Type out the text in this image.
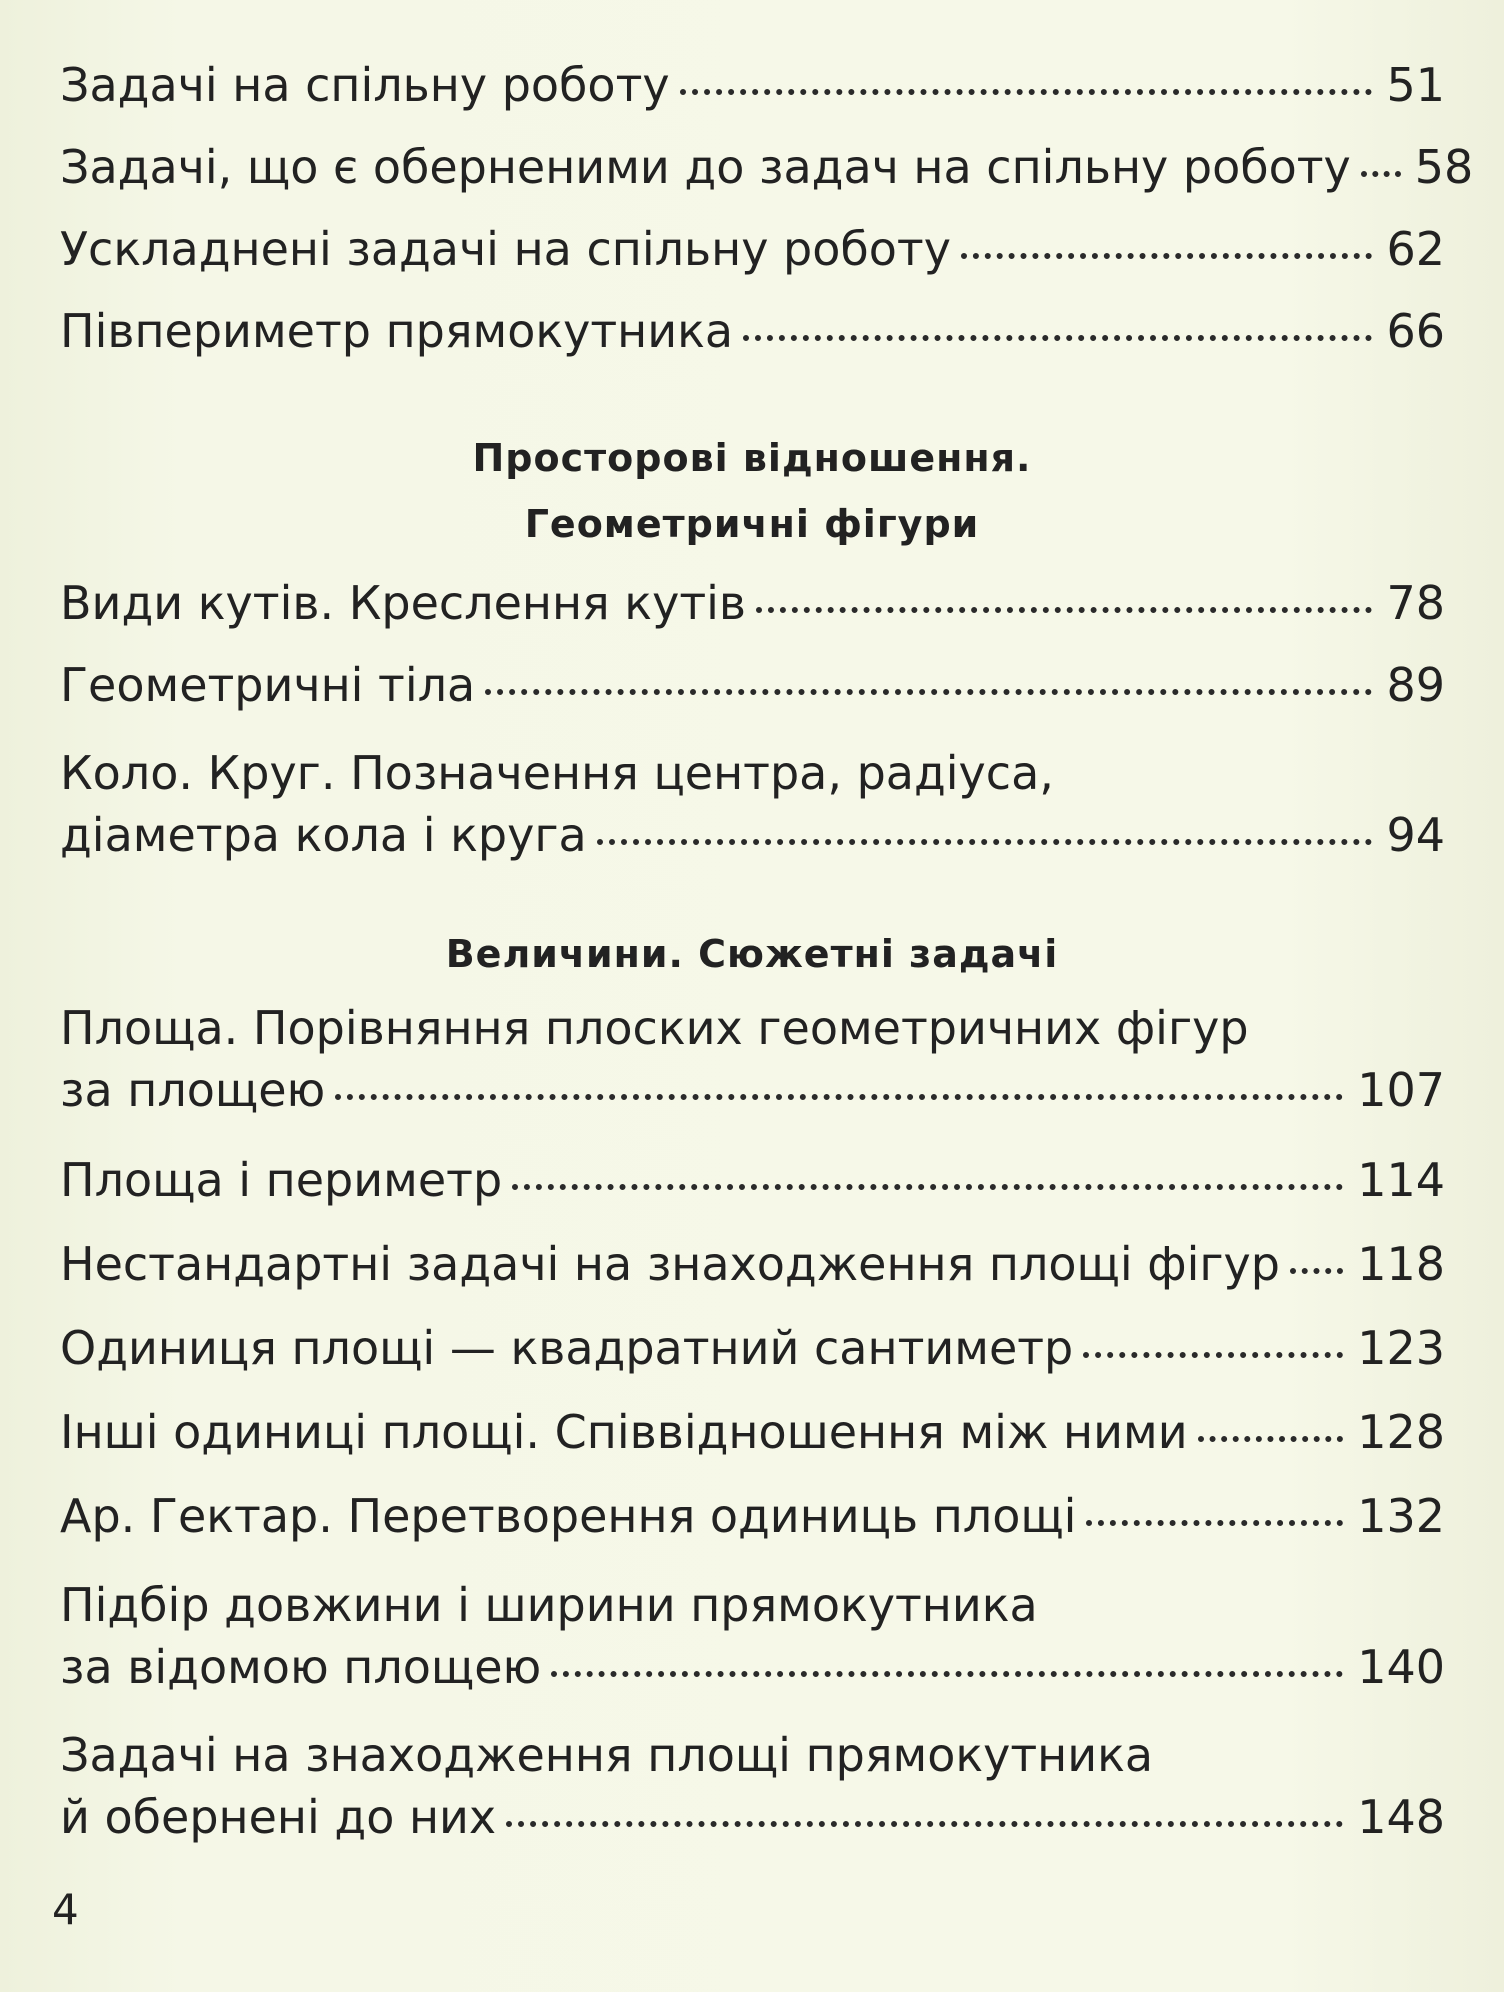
Задачі на спільну роботу	51
Задачі, що є оберненими до задач на спільну роботу 58
Ускладнені задачі на спільну роботу	62
Півпериметр прямокутника	66
Просторові відношення.
Геометричні фігури
Види кутів. Креслення кутів	78
Геометричні тіла	89
Коло. Круг. Позначення центра, радіуса,
діаметра кола і круга	94
Величини. Сюжетні задачі
Площа. Порівняння плоских геометричних фігур
за площею	107
Площа і периметр	114
Нестандартні задачі на знаходження площі фігур 118
Одиниця площі — квадратний сантиметр	123
Інші одиниці площі. Співвідношення між ними	128
Ар. Гектар. Перетворення одиниць площі	132
Підбір довжини і ширини прямокутника
за відомою площею	140
Задачі на знаходження площі прямокутника
й обернені до них	148
4
